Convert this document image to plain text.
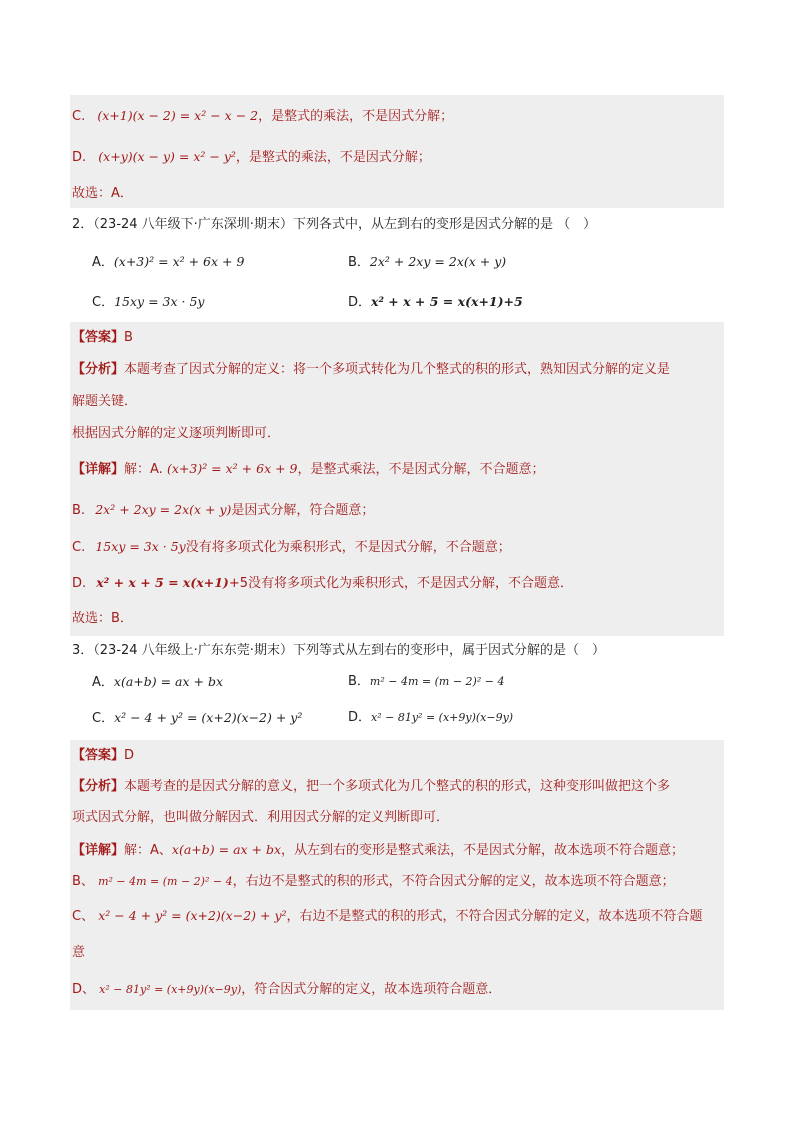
C. (x+1)(x − 2) = x² − x − 2，是整式的乘法，不是因式分解；
D. (x+y)(x − y) = x² − y²，是整式的乘法，不是因式分解；
故选：A．
2．（23-24 八年级下·广东深圳·期末）下列各式中，从左到右的变形是因式分解的是 （　）
A．(x+3)² = x² + 6x + 9	B．2x² + 2xy = 2x(x + y)
C．15xy = 3x · 5y	D．x² + x + 5 = x(x+1)+5
【答案】B
【分析】本题考查了因式分解的定义：将一个多项式转化为几个整式的积的形式，熟知因式分解的定义是
解题关键．
根据因式分解的定义逐项判断即可．
【详解】解：A. (x+3)² = x² + 6x + 9，是整式乘法，不是因式分解，不合题意；
B. 2x² + 2xy = 2x(x + y)是因式分解，符合题意；
C. 15xy = 3x · 5y没有将多项式化为乘积形式，不是因式分解，不合题意；
D. x² + x + 5 = x(x+1)+5没有将多项式化为乘积形式，不是因式分解，不合题意．
故选：B．
3．（23-24 八年级上·广东东莞·期末）下列等式从左到右的变形中，属于因式分解的是（　）
A．x(a+b) = ax + bx	B．m² − 4m = (m − 2)² − 4
C．x² − 4 + y² = (x+2)(x−2) + y²	D．x² − 81y² = (x+9y)(x−9y)
【答案】D
【分析】本题考查的是因式分解的意义，把一个多项式化为几个整式的积的形式，这种变形叫做把这个多
项式因式分解，也叫做分解因式．利用因式分解的定义判断即可．
【详解】解：A、x(a+b) = ax + bx，从左到右的变形是整式乘法，不是因式分解，故本选项不符合题意；
B、 m² − 4m = (m − 2)² − 4，右边不是整式的积的形式，不符合因式分解的定义，故本选项不符合题意；
C、 x² − 4 + y² = (x+2)(x−2) + y²，右边不是整式的积的形式，不符合因式分解的定义，故本选项不符合题
意
D、 x² − 81y² = (x+9y)(x−9y)，符合因式分解的定义，故本选项符合题意．
